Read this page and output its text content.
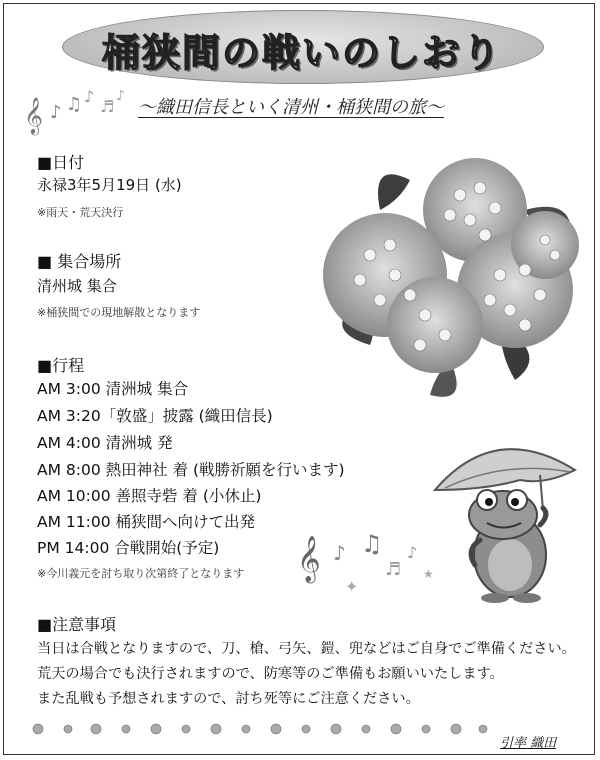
桶狭間の戦いのしおり
～織田信長といく清州・桶狭間の旅～
𝄞 ♪ ♫ ♪
♬
♪
■日付
永禄3年5月19日 (水)
※雨天・荒天決行
■ 集合場所
清州城 集合
※桶狭間での現地解散となります
■行程
AM 3:00 清洲城 集合
AM 3:20「敦盛」披露 (織田信長)
AM 4:00 清洲城 発
AM 8:00 熱田神社 着 (戦勝祈願を行います)
AM 10:00 善照寺砦 着 (小休止)
AM 11:00 桶狭間へ向けて出発
PM 14:00 合戦開始(予定)
※今川義元を討ち取り次第終了となります
■注意事項
当日は合戦となりますので、刀、槍、弓矢、鎧、兜などはご自身でご準備ください。
荒天の場合でも決行されますので、防寒等のご準備もお願いいたします。
また乱戦も予想されますので、討ち死等にご注意ください。
𝄞 ♪ ♫
♬
♪
✦
★
引率 織田
